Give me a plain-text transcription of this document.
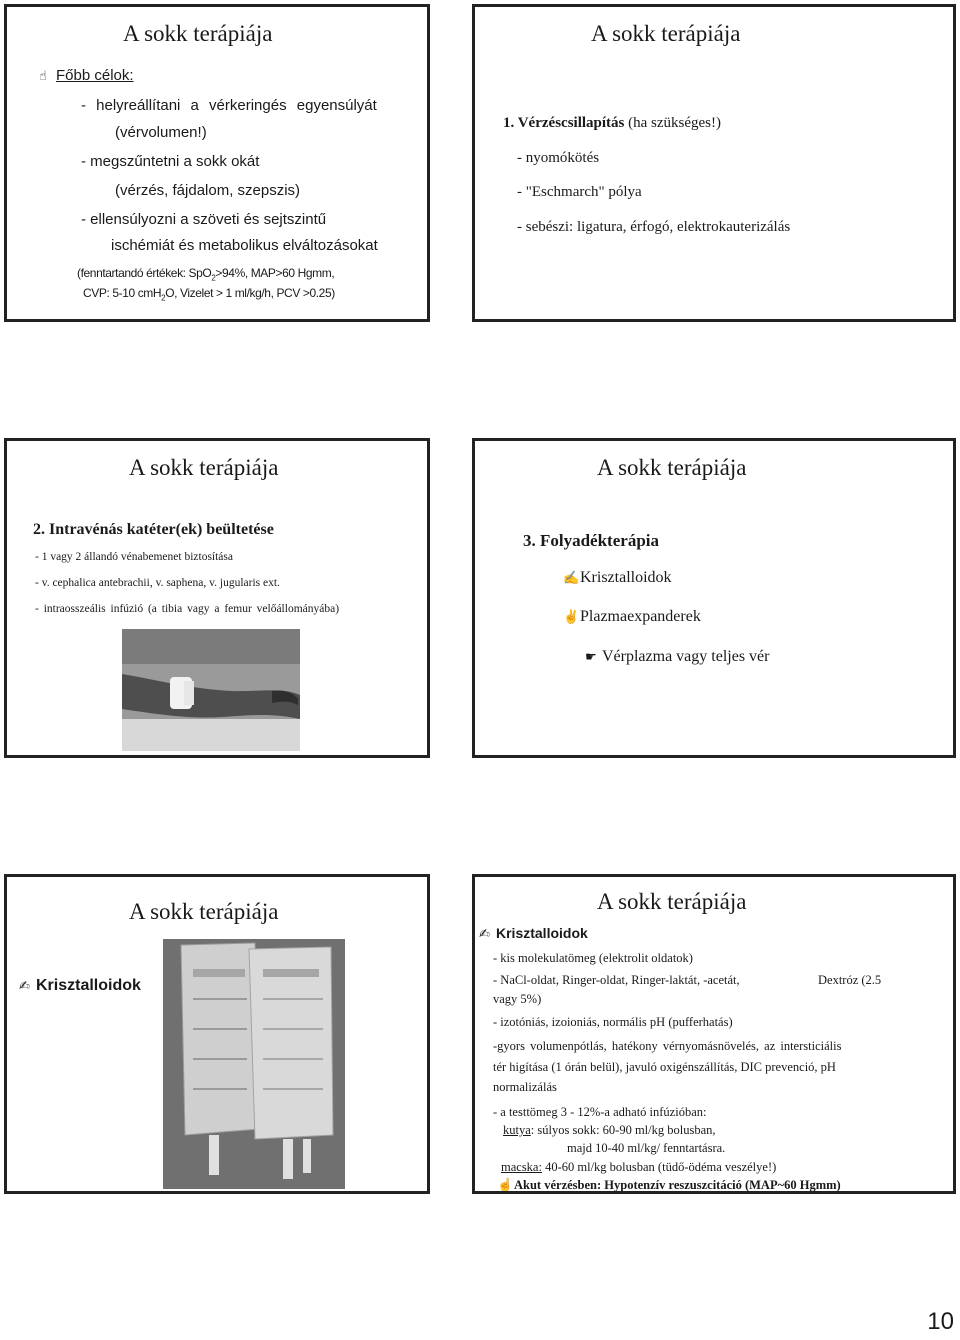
A sokk terápiája
☝ Főbb célok:
- helyreállítani a vérkeringés egyensúlyát
(vérvolumen!)
- megszűntetni a sokk okát
(vérzés, fájdalom, szepszis)
- ellensúlyozni a szöveti és sejtszintű
ischémiát és metabolikus elváltozásokat
(fenntartandó értékek: SpO$_2$>94%, MAP>60 Hgmm,
CVP: 5-10 cmH$_2$O, Vizelet > 1 ml/kg/h, PCV >0.25)
A sokk terápiája
1. Vérzéscsillapítás (ha szükséges!)
- nyomókötés
- "Eschmarch" pólya
- sebészi: ligatura, érfogó, elektrokauterizálás
A sokk terápiája
2. Intravénás katéter(ek) beültetése
- 1 vagy 2 állandó vénabemenet biztosítása
- v. cephalica antebrachii, v. saphena, v. jugularis ext.
- intraosszeális infúzió (a tibia vagy a femur velőállományába)
A sokk terápiája
3. Folyadékterápia
✍Krisztalloidok
✌Plazmaexpanderek
☛ Vérplazma vagy teljes vér
A sokk terápiája
✍ Krisztalloidok
A sokk terápiája
✍ Krisztalloidok
- kis molekulatömeg (elektrolit oldatok)
- NaCl-oldat, Ringer-oldat, Ringer-laktát, -acetát,	Dextróz (2.5
vagy 5%)
- izotóniás, izoioniás, normális pH (pufferhatás)
-gyors volumenpótlás, hatékony vérnyomásnövelés, az intersticiális
tér higítása (1 órán belül), javuló oxigénszállítás, DIC prevenció, pH
normalizálás
- a testtömeg 3 - 12%-a adható infúzióban:
kutya: súlyos sokk: 60-90 ml/kg bolusban,
majd 10-40 ml/kg/ fenntartásra.
macska: 40-60 ml/kg bolusban (tüdő-ödéma veszélye!)
☝Akut vérzésben: Hypotenzív reszuszcitáció (MAP~60 Hgmm)
10
